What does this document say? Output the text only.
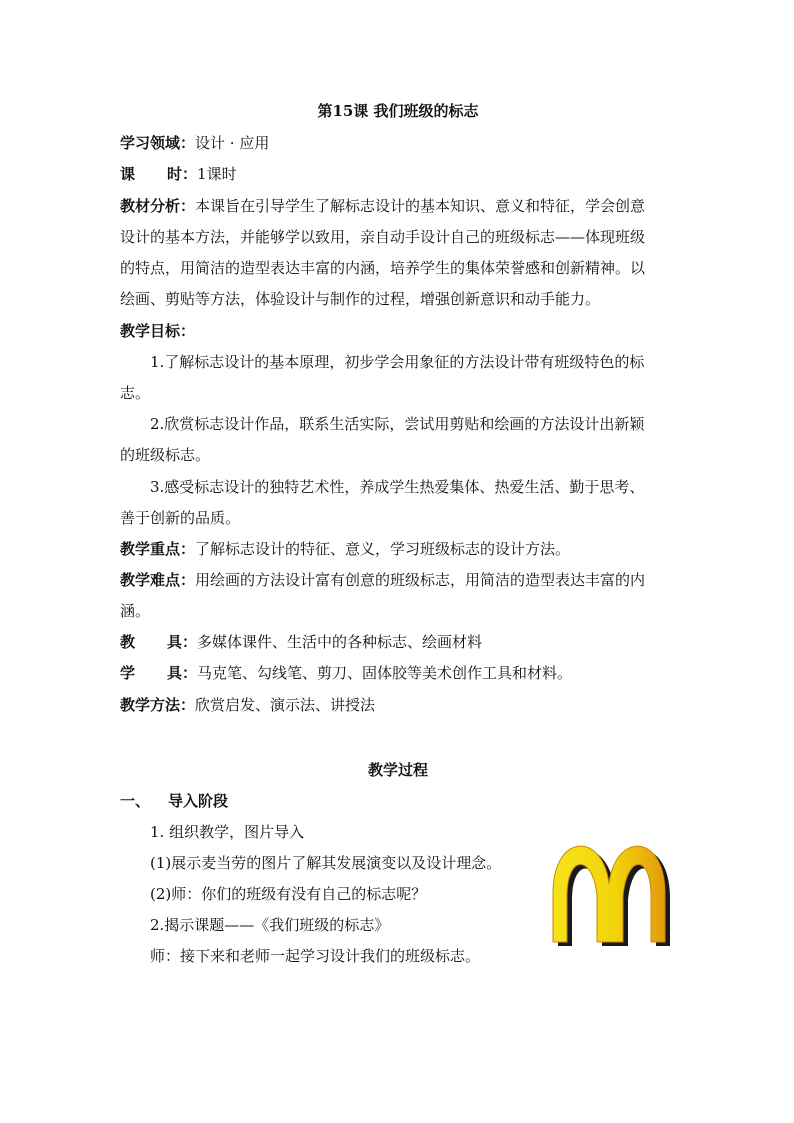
第15课 我们班级的标志
学习领域：设计 · 应用
课 时：1课时
教材分析：本课旨在引导学生了解标志设计的基本知识、意义和特征，学会创意
设计的基本方法，并能够学以致用，亲自动手设计自己的班级标志——体现班级
的特点，用简洁的造型表达丰富的内涵，培养学生的集体荣誉感和创新精神。以
绘画、剪贴等方法，体验设计与制作的过程，增强创新意识和动手能力。
教学目标：
1.了解标志设计的基本原理，初步学会用象征的方法设计带有班级特色的标
志。
2.欣赏标志设计作品，联系生活实际，尝试用剪贴和绘画的方法设计出新颖
的班级标志。
3.感受标志设计的独特艺术性，养成学生热爱集体、热爱生活、勤于思考、
善于创新的品质。
教学重点：了解标志设计的特征、意义，学习班级标志的设计方法。
教学难点：用绘画的方法设计富有创意的班级标志，用简洁的造型表达丰富的内
涵。
教 具：多媒体课件、生活中的各种标志、绘画材料
学 具：马克笔、勾线笔、剪刀、固体胶等美术创作工具和材料。
教学方法：欣赏启发、演示法、讲授法
教学过程
一、 导入阶段
1. 组织教学，图片导入
(1)展示麦当劳的图片了解其发展演变以及设计理念。
(2)师：你们的班级有没有自己的标志呢？
2.揭示课题——《我们班级的标志》
师：接下来和老师一起学习设计我们的班级标志。
